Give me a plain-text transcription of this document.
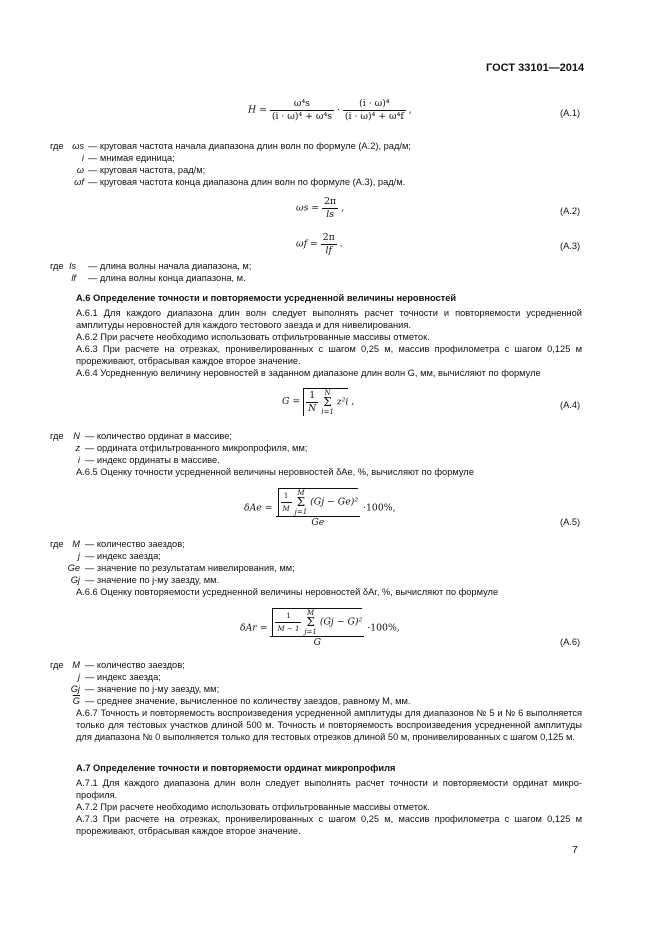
ГОСТ 33101—2014
$H = \frac{\text{ω⁴s}}{\text{(i · ω)⁴ + ω⁴s}} \cdot \frac{\text{(i · ω)⁴}}{\text{(i · ω)⁴ + ω⁴f}}$ ,	(А.1)
где ωs — круговая частота начала диапазона длин волн по формуле (А.2), рад/м;
i — мнимая единица;
ω — круговая частота, рад/м;
ωf — круговая частота конца диапазона длин волн по формуле (А.3), рад/м.
$\omega s = \frac{2\pi}{ls}$ ,	(А.2)
$\omega f = \frac{2\pi}{lf}$ .	(А.3)
где ls — длина волны начала диапазона, м;
lf — длина волны конца диапазона, м.
А.6 Определение точности и повторяемости усредненной величины неровностей
А.6.1 Для каждого диапазона длин волн следует выполнять расчет точности и повторяемости усредненной амплитуды неровностей для каждого тестового заезда и для нивелирования.
А.6.2 При расчете необходимо использовать отфильтрованные массивы отметок.
А.6.3 При расчете на отрезках, пронивелированных с шагом 0,25 м, массив профилометра с шагом 0,125 м прореживают, отбрасывая каждое второе значение.
А.6.4 Усредненную величину неровностей в заданном диапазоне длин волн G, мм, вычисляют по формуле
$G = \frac{1}{N}$
N
Σ
i=1
z²i ,	(А.4)
где	N — количество ординат в массиве;
z — ордината отфильтрованного микропрофиля, мм;
i — индекс ординаты в массиве.
А.6.5 Оценку точности усредненной величины неровностей δAe, %, вычисляют по формуле
$\delta Ae = \frac{1}{M}$
M
Σ
j=1
(Gj − Ge)²
Ge
·100%,
(А.5)
где M — количество заездов;
j — индекс заезда;
Ge — значение по результатам нивелирования, мм;
Gj — значение по j-му заезду, мм.
А.6.6 Оценку повторяемости усредненной величины неровностей δAr, %, вычисляют по формуле
$\delta Ar = \frac{1}{M - 1}$
M
Σ
j=1
(Gj − G)²
G
·100%,
(А.6)
где M — количество заездов;
j — индекс заезда;
Gj — значение по j-му заезду, мм;
$\overline{G}$ — среднее значение, вычисленное по количеству заездов, равному M, мм.
А.6.7 Точность и повторяемость воспроизведения усредненной амплитуды для диапазонов № 5 и № 6 выполняется только для тестовых участков длиной 500 м. Точность и повторяемость воспроизведения усредненной амплитуды для диапазона № 0 выполняется только для тестовых отрезков длиной 50 м, пронивелированных с шагом 0,125 м.
А.7 Определение точности и повторяемости ординат микропрофиля
А.7.1 Для каждого диапазона длин волн следует выполнять расчет точности и повторяемости ординат микро-профиля.
А.7.2 При расчете необходимо использовать отфильтрованные массивы отметок.
А.7.3 При расчете на отрезках, пронивелированных с шагом 0,25 м, массив профилометра с шагом 0,125 м прореживают, отбрасывая каждое второе значение.
7
